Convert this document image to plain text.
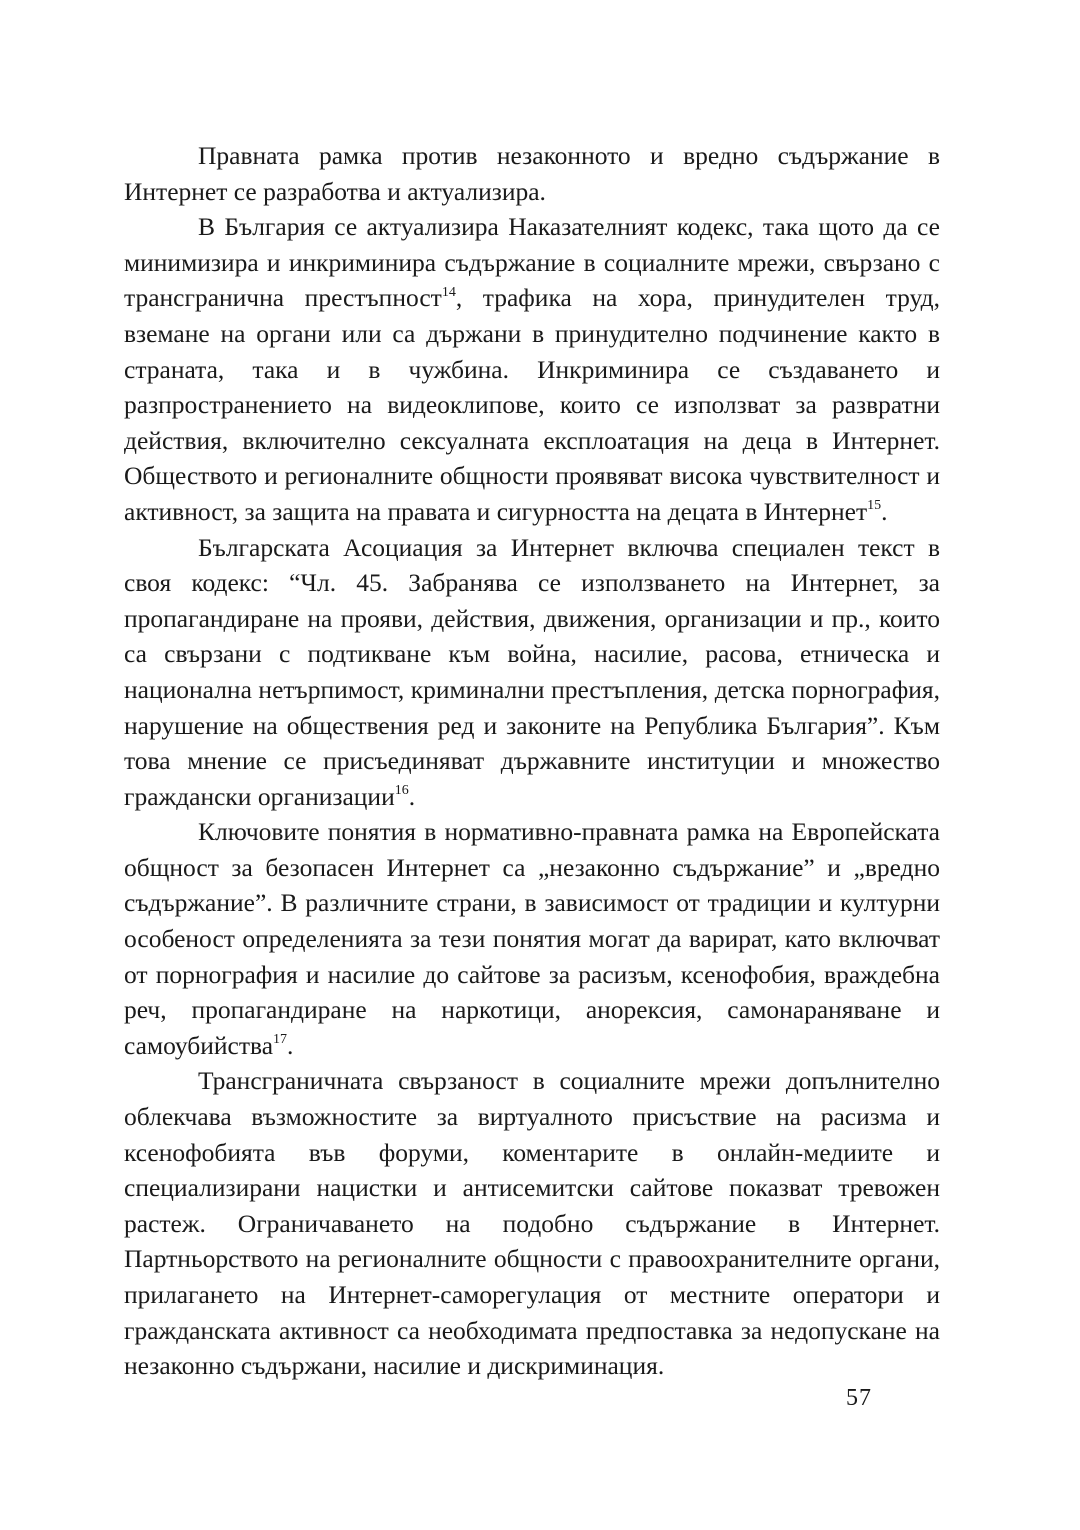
Правната рамка против незаконното и вредно съдържание в Интернет се разработва и актуализира.

В България се актуализира Наказателният кодекс, така щото да се минимизира и инкриминира съдържание в социалните мрежи, свързано с трансгранична престъпност$^{14}$, трафика на хора, принудителен труд, вземане на органи или са държани в принудително подчинение както в страната, така и в чужбина. Инкриминира се създаването и разпространението на видеоклипове, които се използват за развратни действия, включително сексуалната експлоатация на деца в Интернет. Обществото и регионалните общности проявяват висока чувствителност и активност, за защита на правата и сигурността на децата в Интернет$^{15}$.

Българската Асоциация за Интернет включва специален текст в своя кодекс: “Чл. 45. Забранява се използването на Интернет, за пропагандиране на прояви, действия, движения, организации и пр., които са свързани с подтикване към война, насилие, расова, етническа и национална нетърпимост, криминални престъпления, детска порнография, нарушение на обществения ред и законите на Република България”. Към това мнение се присъединяват държавните институции и множество граждански организации$^{16}$.

Ключовите понятия в нормативно-правната рамка на Европейската общност за безопасен Интернет са „незаконно съдържание” и „вредно съдържание”. В различните страни, в зависимост от традиции и културни особеност определенията за тези понятия могат да варират, като включват от порнография и насилие до сайтове за расизъм, ксенофобия, враждебна реч, пропагандиране на наркотици, анорексия, самонараняване и самоубийства$^{17}$.

Трансграничната свързаност в социалните мрежи допълнително облекчава възможностите за виртуалното присъствие на расизма и ксенофобията във форуми, коментарите в онлайн-медиите и специализирани нацистки и антисемитски сайтове показват тревожен растеж. Ограничаването на подобно съдържание в Интернет. Партньорството на регионалните общности с правоохранителните органи, прилагането на Интернет-саморегулация от местните оператори и гражданската активност са необходимата предпоставка за недопускане на незаконно съдържани, насилие и дискриминация.

57
